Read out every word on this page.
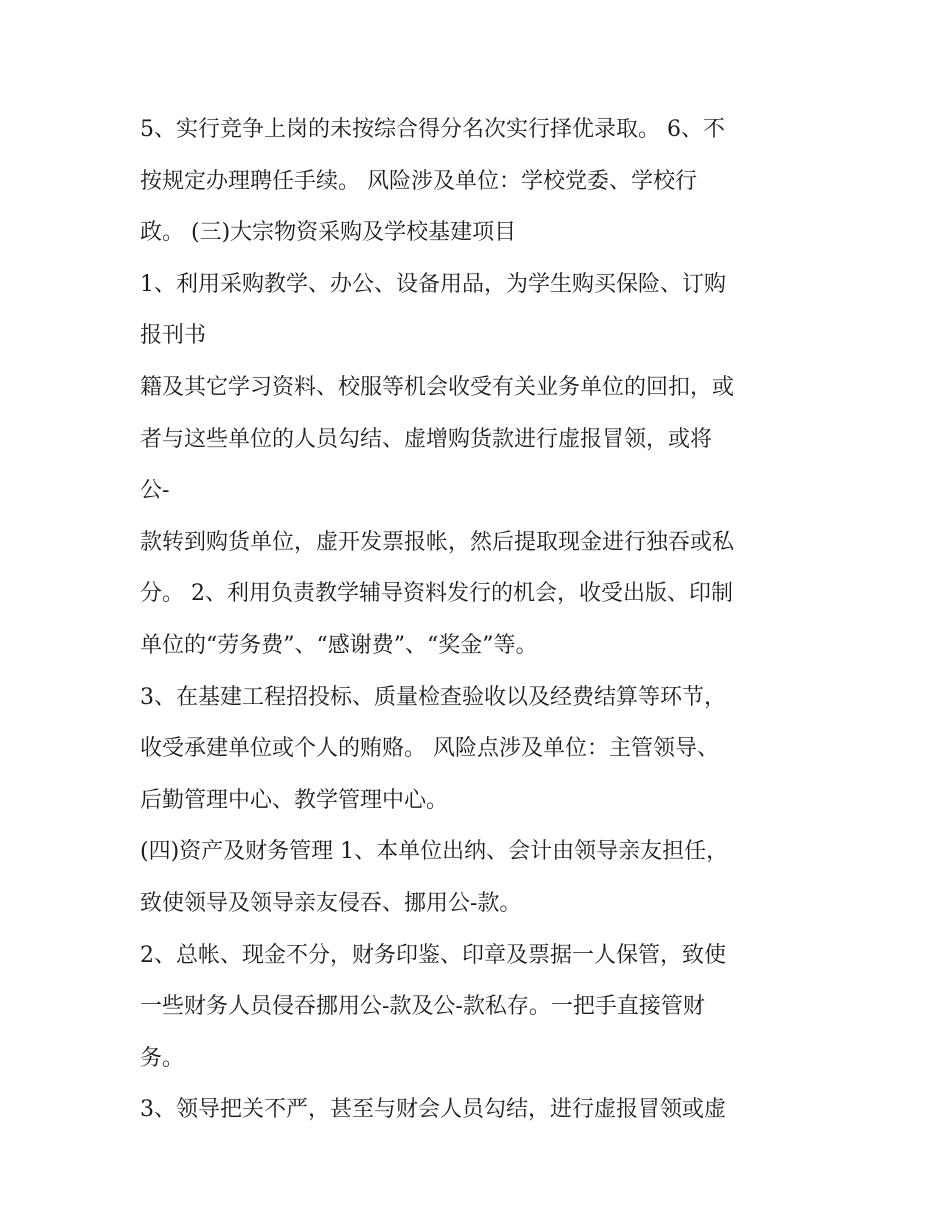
5、实行竞争上岗的未按综合得分名次实行择优录取。 6、不
按规定办理聘任手续。 风险涉及单位：学校党委、学校行
政。 (三)大宗物资采购及学校基建项目
1、利用采购教学、办公、设备用品，为学生购买保险、订购
报刊书
籍及其它学习资料、校服等机会收受有关业务单位的回扣，或
者与这些单位的人员勾结、虚增购货款进行虚报冒领，或将
公-
款转到购货单位，虚开发票报帐，然后提取现金进行独吞或私
分。 2、利用负责教学辅导资料发行的机会，收受出版、印制
单位的“劳务费”、“感谢费”、“奖金”等。
3、在基建工程招投标、质量检查验收以及经费结算等环节，
收受承建单位或个人的贿赂。 风险点涉及单位：主管领导、
后勤管理中心、教学管理中心。
(四)资产及财务管理 1、本单位出纳、会计由领导亲友担任，
致使领导及领导亲友侵吞、挪用公-款。
2、总帐、现金不分，财务印鉴、印章及票据一人保管，致使
一些财务人员侵吞挪用公-款及公-款私存。一把手直接管财
务。
3、领导把关不严，甚至与财会人员勾结，进行虚报冒领或虚
